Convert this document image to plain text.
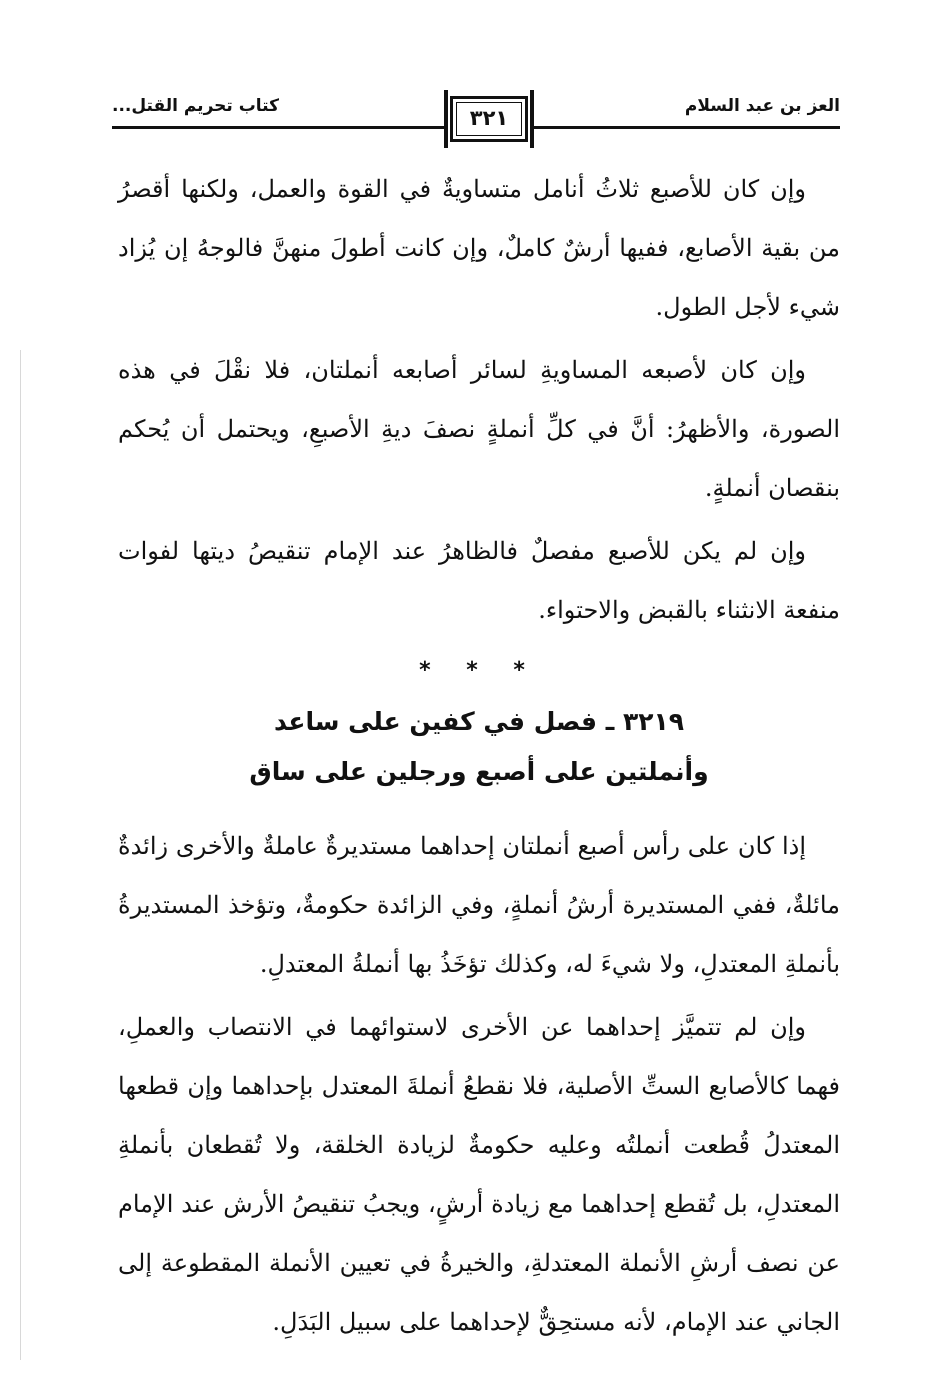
العز بن عبد السلام
كتاب تحريم القتل...	٣٢١

وإن كان للأصبع ثلاثُ أنامل متساويةٌ في القوة والعمل، ولكنها أقصرُ من بقية الأصابع، ففيها أرشٌ كاملٌ، وإن كانت أطولَ منهنَّ فالوجهُ إن يُزاد شيء لأجل الطول.

وإن كان لأصبعه المساويةِ لسائر أصابعه أنملتان، فلا نقْلَ في هذه الصورة، والأظهرُ: أنَّ في كلِّ أنملةٍ نصفَ ديةِ الأصبعِ، ويحتمل أن يُحكم بنقصان أنملةٍ.

وإن لم يكن للأصبع مفصلٌ فالظاهرُ عند الإمام تنقيصُ ديتها لفوات منفعة الانثناء بالقبض والاحتواء.

* * *

٣٢١٩ ـ فصل في كفين على ساعد

وأنملتين على أصبع ورجلين على ساق

إذا كان على رأس أصبع أنملتان إحداهما مستديرةٌ عاملةٌ والأخرى زائدةٌ مائلةٌ، ففي المستديرة أرشُ أنملةٍ، وفي الزائدة حكومةٌ، وتؤخذ المستديرةُ بأنملةِ المعتدلِ، ولا شيءَ له، وكذلك تؤخَذُ بها أنملةُ المعتدلِ.

وإن لم تتميَّز إحداهما عن الأخرى لاستوائهما في الانتصاب والعملِ، فهما كالأصابع الستِّ الأصلية، فلا نقطعُ أنملةَ المعتدل بإحداهما وإن قطعها المعتدلُ قُطعت أنملتُه وعليه حكومةٌ لزيادة الخلقة، ولا تُقطعان بأنملةِ المعتدلِ، بل تُقطع إحداهما مع زيادة أرشٍ، ويجبُ تنقيصُ الأرش عند الإمام عن نصف أرشِ الأنملة المعتدلةِ، والخيرةُ في تعيين الأنملة المقطوعة إلى الجاني عند الإمام، لأنه مستحِقٌّ لإحداهما على سبيل البَدَلِ.
